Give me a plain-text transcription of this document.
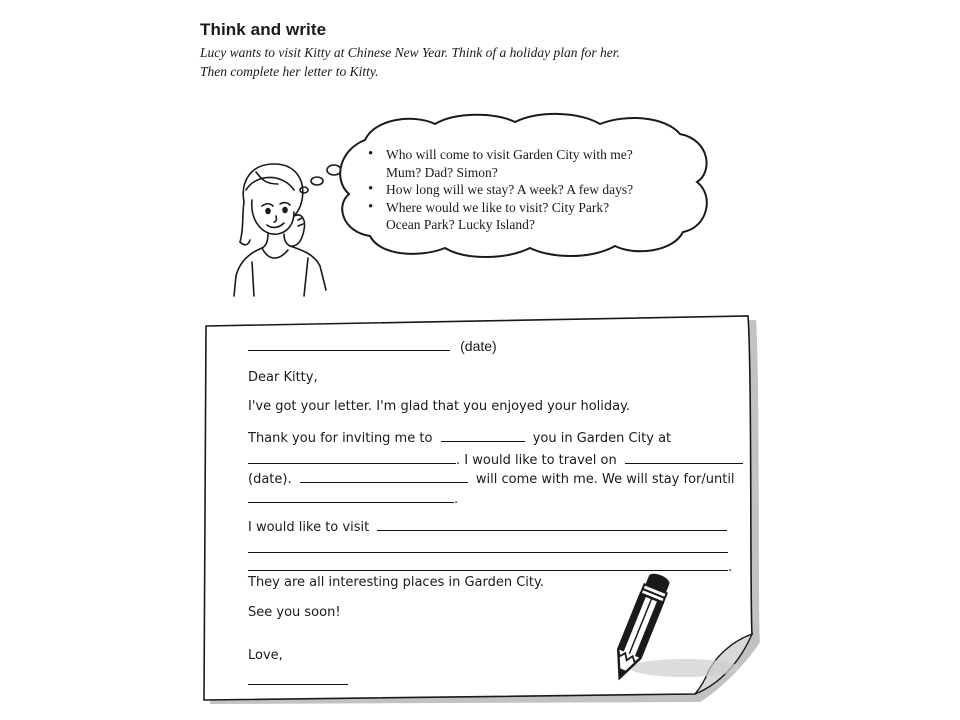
Think and write
Lucy wants to visit Kitty at Chinese New Year. Think of a holiday plan for her.
Then complete her letter to Kitty.
• Who will come to visit Garden City with me?
Mum? Dad? Simon?
• How long will we stay? A week? A few days?
• Where would we like to visit? City Park?
Ocean Park? Lucky Island?
(date)
Dear Kitty,
I've got your letter. I'm glad that you enjoyed your holiday.
Thank you for inviting me to	you in Garden City at
. I would like to travel on
(date).	will come with me. We will stay for/until
.
I would like to visit
.
They are all interesting places in Garden City.
See you soon!
Love,
